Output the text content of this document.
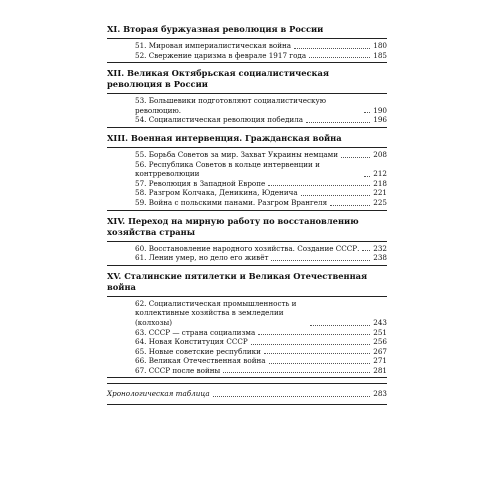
XI. Вторая буржуазная революция в России
51. Мировая империалистическая война	180
52. Свержение царизма в феврале 1917 года	185
XII. Великая Октябрьская социалистическая революция в России
53. Большевики подготовляют социалистическую революцию.	190
54. Социалистическая революция победила	196
XIII. Военная интервенция. Гражданская война
55. Борьба Советов за мир. Захват Украины немцами	208
56. Республика Советов в кольце интервенции и контрреволюции	212
57. Революция в Западной Европе	218
58. Разгром Колчака, Деникина, Юденича	221
59. Война с польскими панами. Разгром Врангеля	225
XIV. Переход на мирную работу по восстановлению хозяйства страны
60. Восстановление народного хозяйства. Создание СССР. 232
61. Ленин умер, но дело его живёт	238
XV. Сталинские пятилетки и Великая Отечественная война
62. Социалистическая промышленность и коллективные хозяйства в земледелии (колхозы)	243
63. СССР — страна социализма	251
64. Новая Конституция СССР	256
65. Новые советские республики	267
66. Великая Отечественная война	271
67. СССР после войны	281
Хронологическая таблица	283
